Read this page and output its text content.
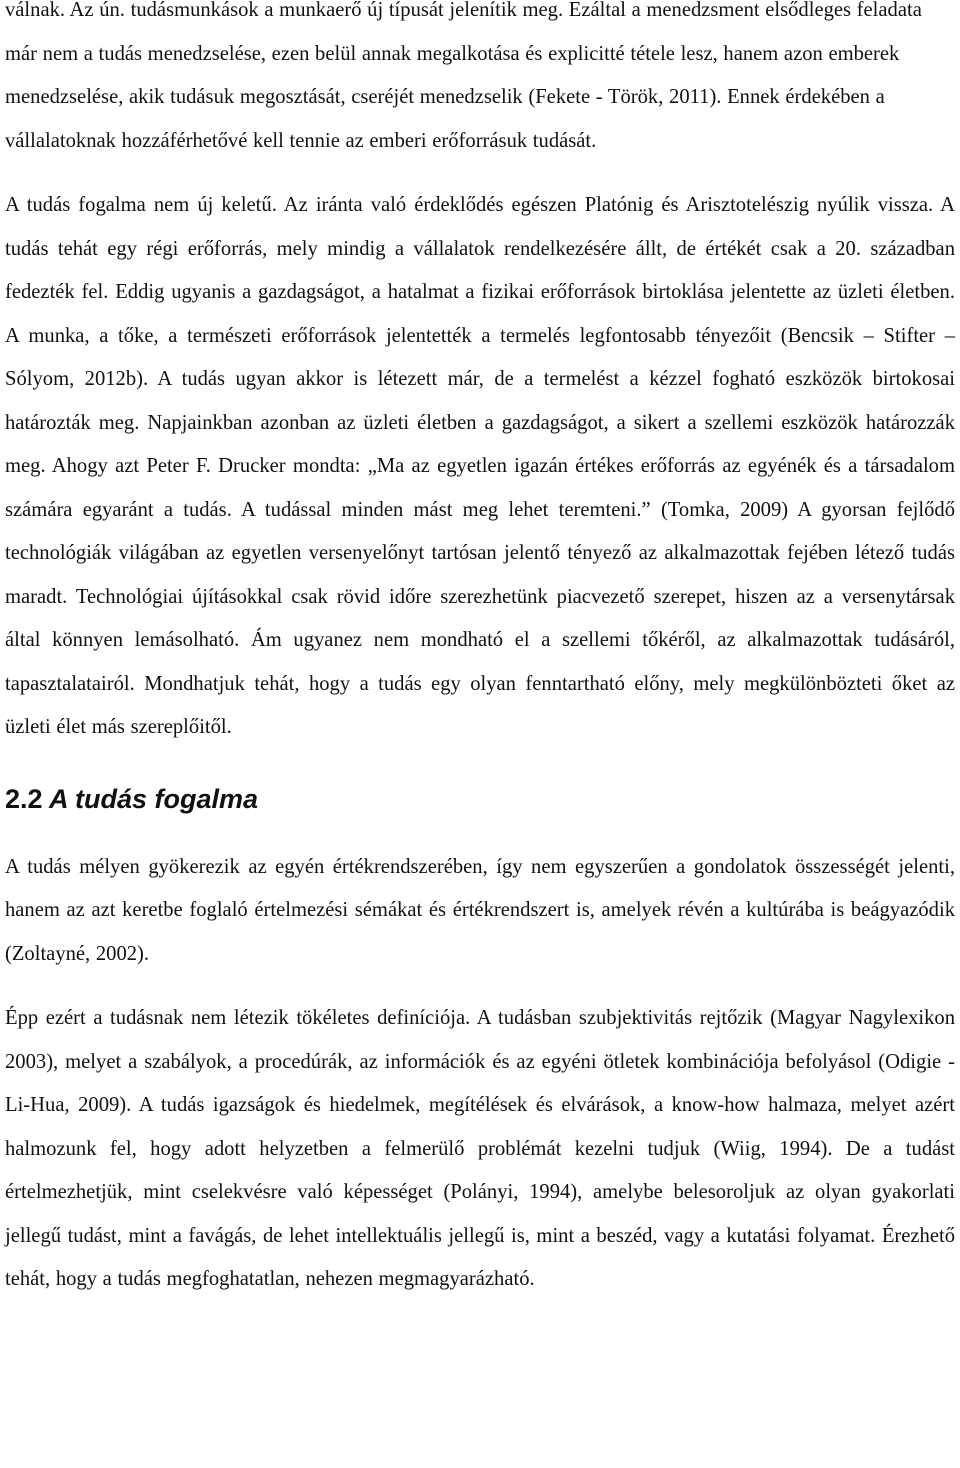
válnak. Az ún. tudásmunkások a munkaerő új típusát jelenítik meg. Ezáltal a menedzsment elsődleges feladata már nem a tudás menedzselése, ezen belül annak megalkotása és explicitté tétele lesz, hanem azon emberek menedzselése, akik tudásuk megosztását, cseréjét menedzselik (Fekete - Török, 2011). Ennek érdekében a vállalatoknak hozzáférhetővé kell tennie az emberi erőforrásuk tudását.

A tudás fogalma nem új keletű. Az iránta való érdeklődés egészen Platónig és Arisztotelészig nyúlik vissza. A tudás tehát egy régi erőforrás, mely mindig a vállalatok rendelkezésére állt, de értékét csak a 20. században fedezték fel. Eddig ugyanis a gazdagságot, a hatalmat a fizikai erőforrások birtoklása jelentette az üzleti életben. A munka, a tőke, a természeti erőforrások jelentették a termelés legfontosabb tényezőit (Bencsik – Stifter – Sólyom, 2012b). A tudás ugyan akkor is létezett már, de a termelést a kézzel fogható eszközök birtokosai határozták meg. Napjainkban azonban az üzleti életben a gazdagságot, a sikert a szellemi eszközök határozzák meg. Ahogy azt Peter F. Drucker mondta: „Ma az egyetlen igazán értékes erőforrás az egyénék és a társadalom számára egyaránt a tudás. A tudással minden mást meg lehet teremteni.” (Tomka, 2009) A gyorsan fejlődő technológiák világában az egyetlen versenyelőnyt tartósan jelentő tényező az alkalmazottak fejében létező tudás maradt. Technológiai újításokkal csak rövid időre szerezhetünk piacvezető szerepet, hiszen az a versenytársak által könnyen lemásolható. Ám ugyanez nem mondható el a szellemi tőkéről, az alkalmazottak tudásáról, tapasztalatairól. Mondhatjuk tehát, hogy a tudás egy olyan fenntartható előny, mely megkülönbözteti őket az üzleti élet más szereplőitől.

2.2 A tudás fogalma

A tudás mélyen gyökerezik az egyén értékrendszerében, így nem egyszerűen a gondolatok összességét jelenti, hanem az azt keretbe foglaló értelmezési sémákat és értékrendszert is, amelyek révén a kultúrába is beágyazódik (Zoltayné, 2002).

Épp ezért a tudásnak nem létezik tökéletes definíciója. A tudásban szubjektivitás rejtőzik (Magyar Nagylexikon 2003), melyet a szabályok, a procedúrák, az információk és az egyéni ötletek kombinációja befolyásol (Odigie - Li-Hua, 2009). A tudás igazságok és hiedelmek, megítélések és elvárások, a know-how halmaza, melyet azért halmozunk fel, hogy adott helyzetben a felmerülő problémát kezelni tudjuk (Wiig, 1994). De a tudást értelmezhetjük, mint cselekvésre való képességet (Polányi, 1994), amelybe belesoroljuk az olyan gyakorlati jellegű tudást, mint a favágás, de lehet intellektuális jellegű is, mint a beszéd, vagy a kutatási folyamat. Érezhető tehát, hogy a tudás megfoghatatlan, nehezen megmagyarázható.
